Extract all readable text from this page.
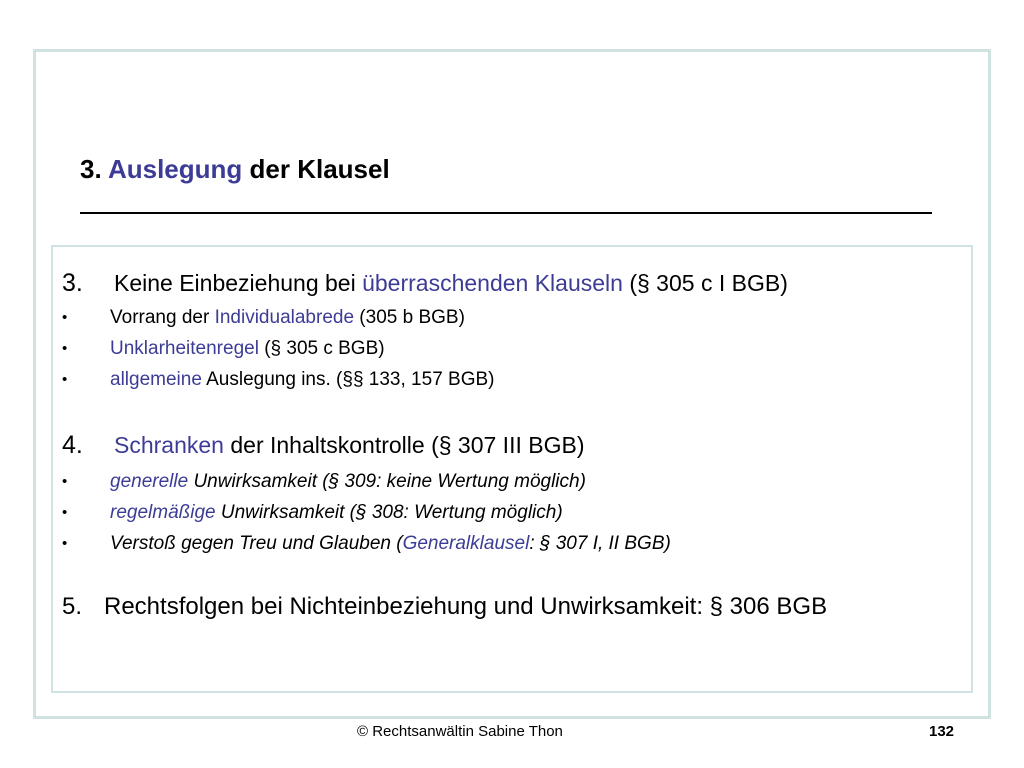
3. Auslegung der Klausel
3. Keine Einbeziehung bei überraschenden Klauseln (§ 305 c I BGB)
• Vorrang der Individualabrede (305 b BGB)
• Unklarheitenregel (§ 305 c BGB)
• allgemeine Auslegung ins. (§§ 133, 157 BGB)
4. Schranken der Inhaltskontrolle (§ 307 III BGB)
• generelle Unwirksamkeit (§ 309: keine Wertung möglich)
• regelmäßige Unwirksamkeit (§ 308: Wertung möglich)
• Verstoß gegen Treu und Glauben (Generalklausel: § 307 I, II BGB)
5. Rechtsfolgen bei Nichteinbeziehung und Unwirksamkeit: § 306 BGB
© Rechtsanwältin Sabine Thon	132
